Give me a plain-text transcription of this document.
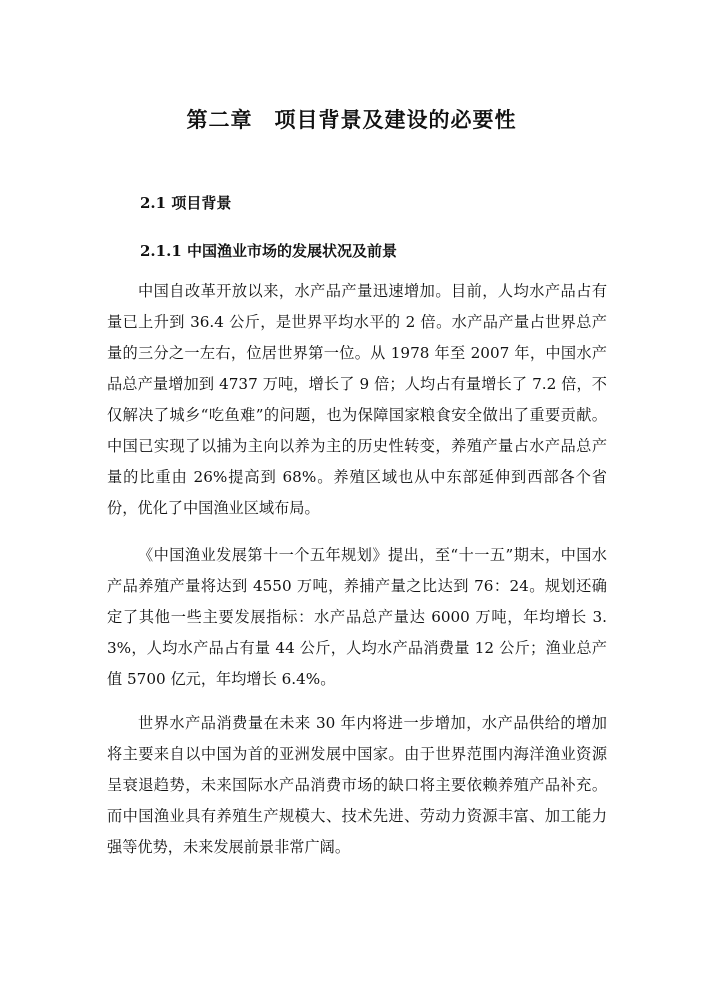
第二章 项目背景及建设的必要性
2.1 项目背景
2.1.1 中国渔业市场的发展状况及前景

中国自改革开放以来，水产品产量迅速增加。目前，人均水产品占有量已上升到 36.4 公斤，是世界平均水平的 2 倍。水产品产量占世界总产量的三分之一左右，位居世界第一位。从 1978 年至 2007 年，中国水产品总产量增加到 4737 万吨，增长了 9 倍；人均占有量增长了 7.2 倍，不仅解决了城乡“吃鱼难”的问题，也为保障国家粮食安全做出了重要贡献。中国已实现了以捕为主向以养为主的历史性转变，养殖产量占水产品总产量的比重由 26%提高到 68%。养殖区域也从中东部延伸到西部各个省份，优化了中国渔业区域布局。

《中国渔业发展第十一个五年规划》提出，至“十一五”期末，中国水产品养殖产量将达到 4550 万吨，养捕产量之比达到 76：24。规划还确定了其他一些主要发展指标：水产品总产量达 6000 万吨，年均增长 3.3%，人均水产品占有量 44 公斤，人均水产品消费量 12 公斤；渔业总产值 5700 亿元，年均增长 6.4%。

世界水产品消费量在未来 30 年内将进一步增加，水产品供给的增加将主要来自以中国为首的亚洲发展中国家。由于世界范围内海洋渔业资源呈衰退趋势，未来国际水产品消费市场的缺口将主要依赖养殖产品补充。而中国渔业具有养殖生产规模大、技术先进、劳动力资源丰富、加工能力强等优势，未来发展前景非常广阔。
